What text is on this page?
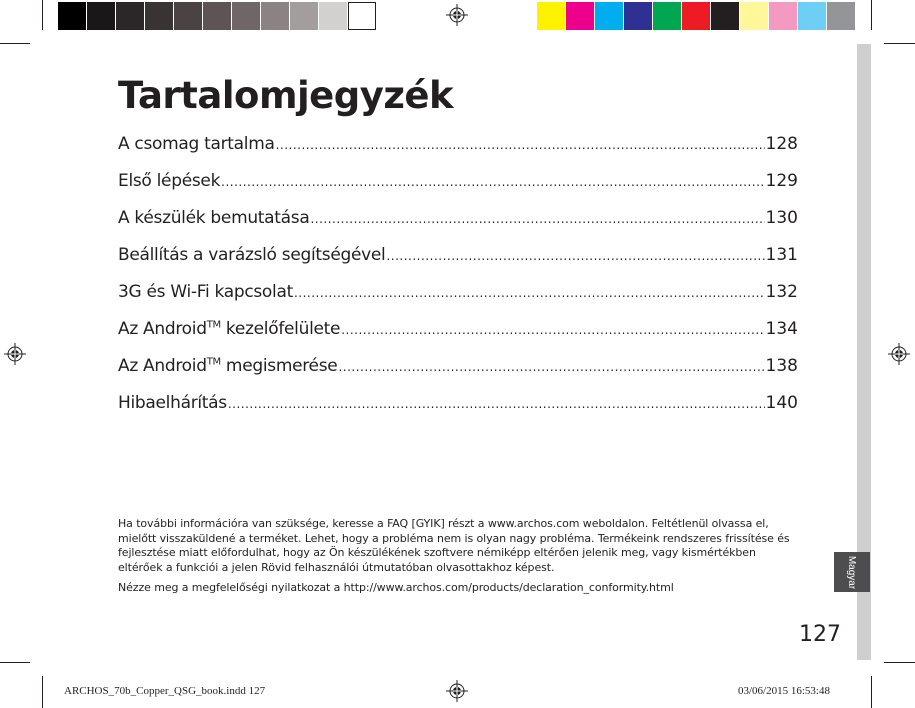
Magyar
Tartalomjegyzék
A csomag tartalma .....	128
Első lépések .....	129
A készülék bemutatása .....	130
Beállítás a varázsló segítségével .....	131
3G és Wi-Fi kapcsolat .....	132
Az Android™ kezelőfelülete .....	134
Az Android™ megismerése .....	138
Hibaelhárítás .....	140

Ha további információra van szüksége, keresse a FAQ [GYIK] részt a www.archos.com weboldalon. Feltétlenül olvassa el, mielőtt visszaküldené a terméket. Lehet, hogy a probléma nem is olyan nagy probléma. Termékeink rendszeres frissítése és fejlesztése miatt előfordulhat, hogy az Ön készülékének szoftvere némiképp eltérően jelenik meg, vagy kismértékben eltérőek a funkciói a jelen Rövid felhasználói útmutatóban olvasottakhoz képest.

Nézze meg a megfelelőségi nyilatkozat a http://www.archos.com/products/declaration_conformity.html

127
ARCHOS_70b_Copper_QSG_book.indd 127	03/06/2015 16:53:48
